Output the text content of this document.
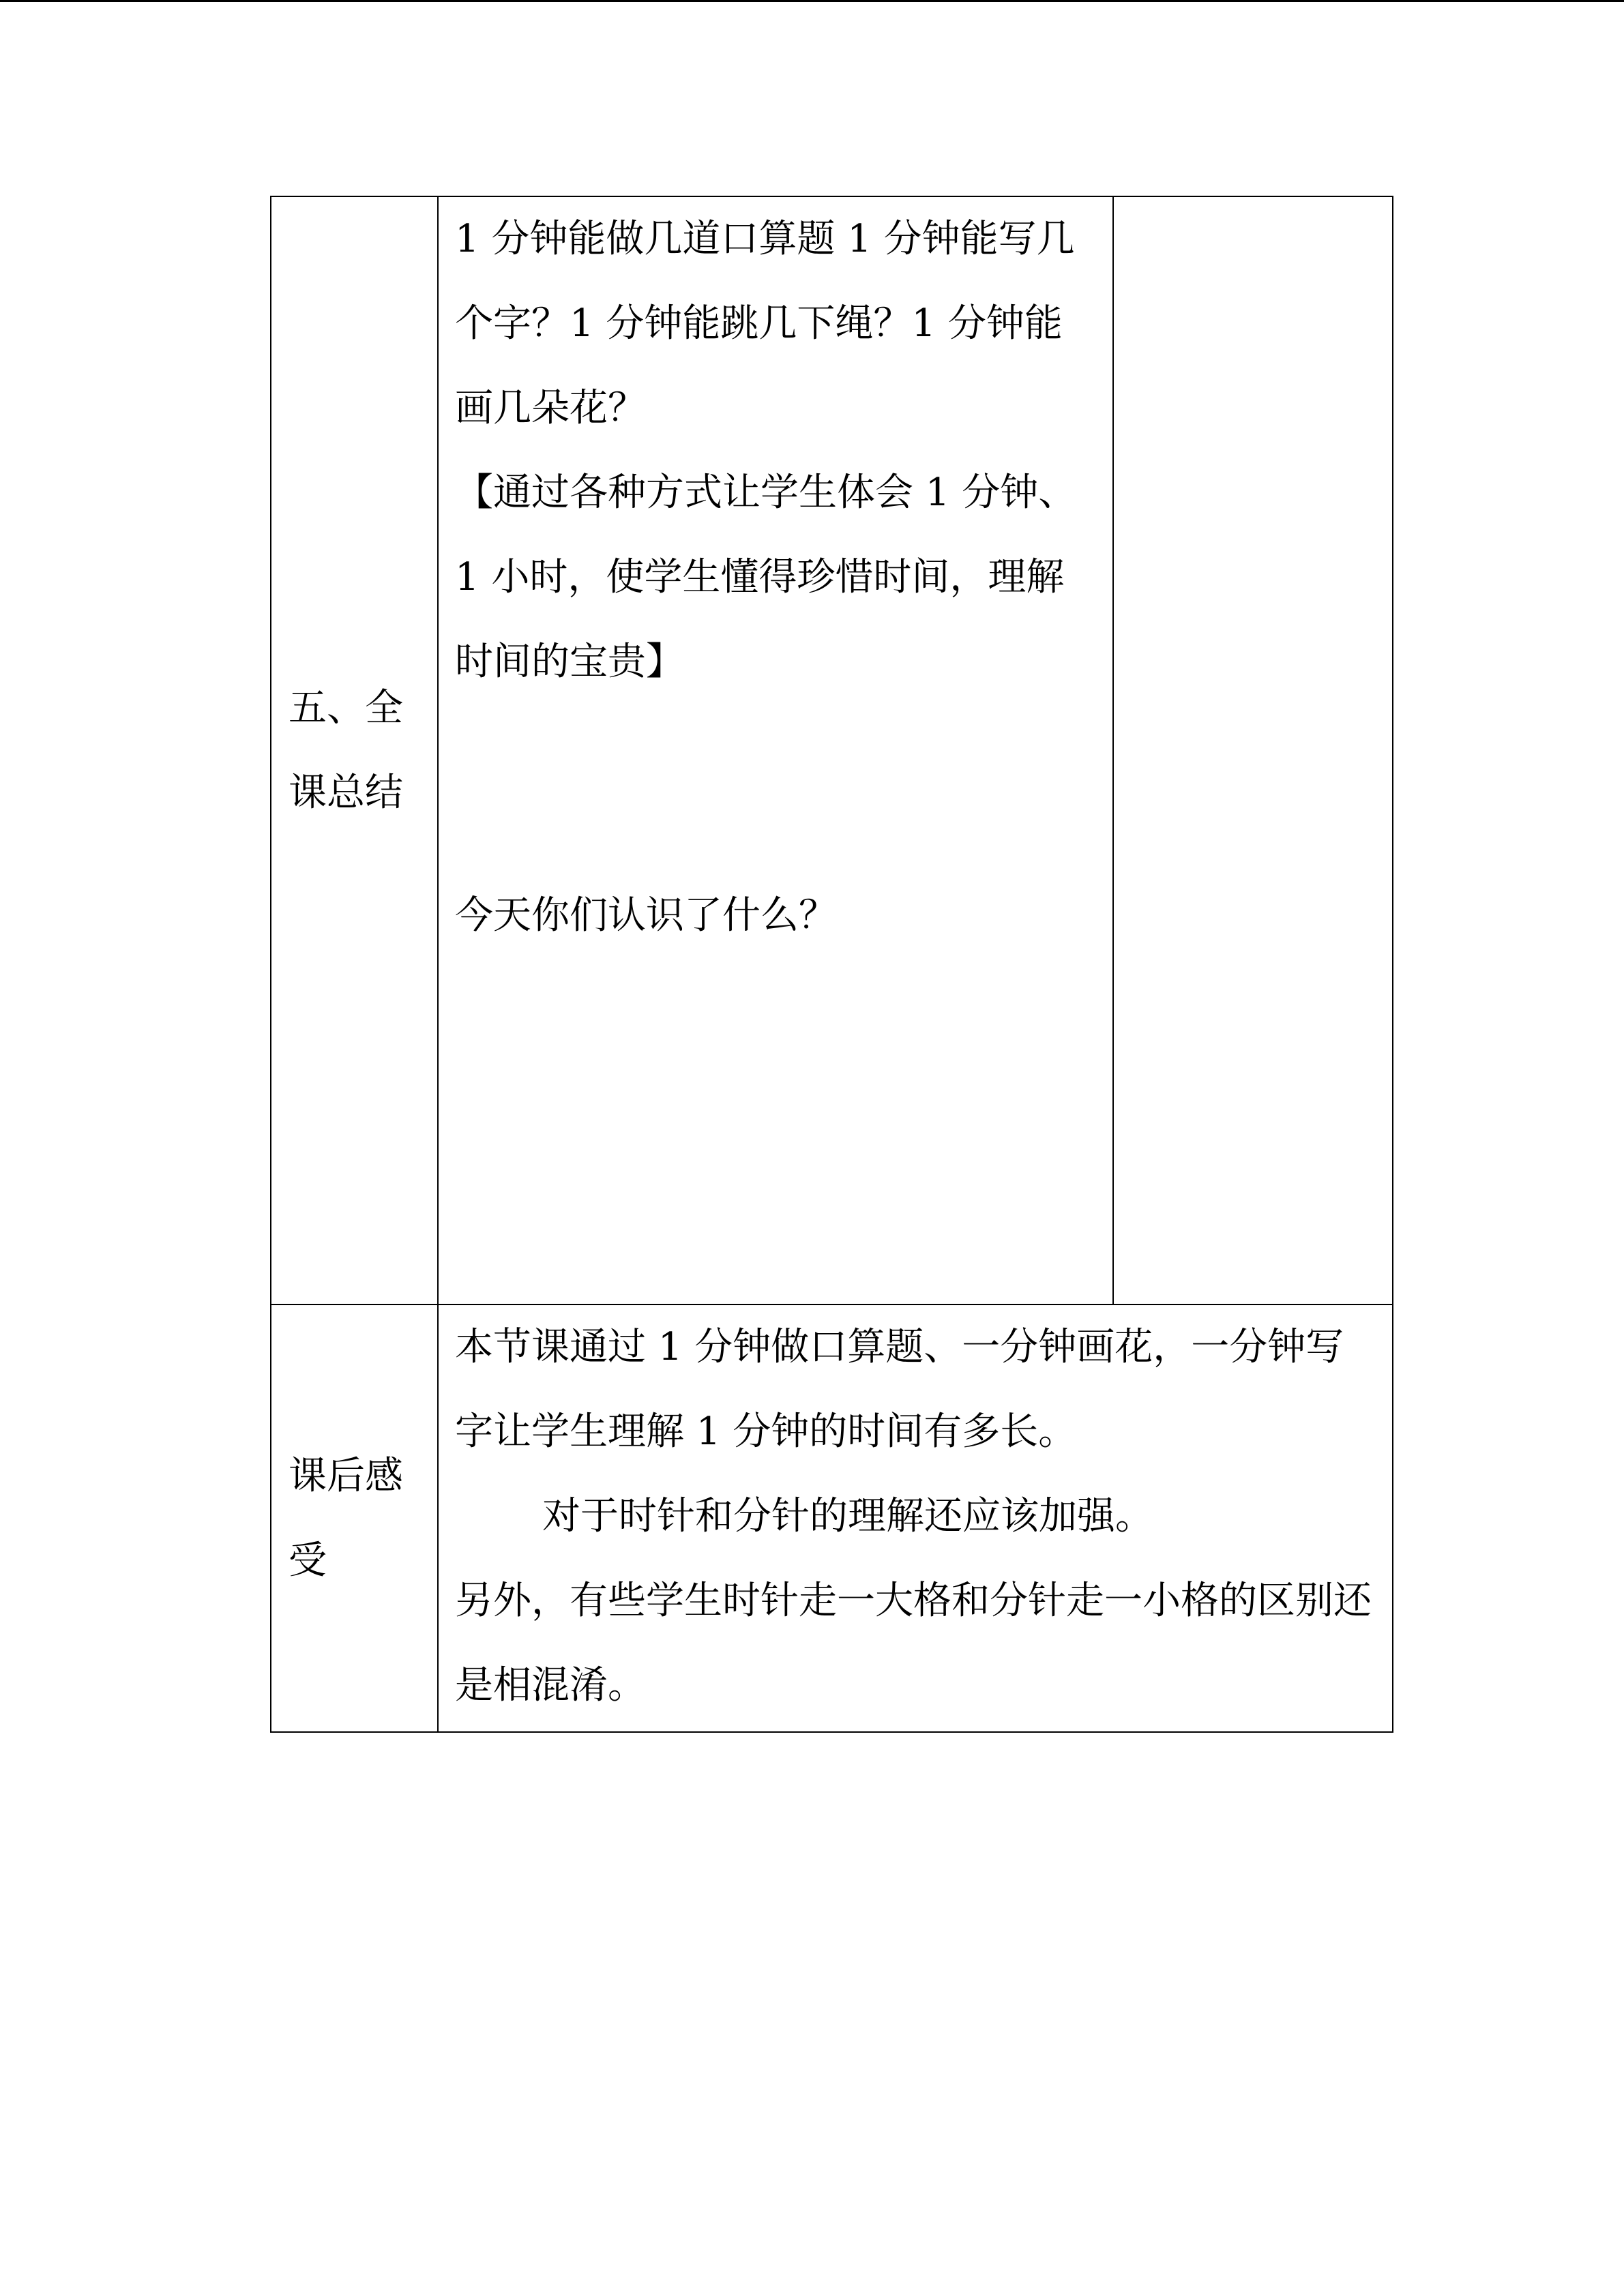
五、全课总结	1 分钟能做几道口算题 1 分钟能写几个字？1 分钟能跳几下绳？1 分钟能画几朵花？
【通过各种方式让学生体会 1 分钟、1 小时，使学生懂得珍惜时间，理解时间的宝贵】
今天你们认识了什么？	

课后感受	本节课通过 1 分钟做口算题、一分钟画花，一分钟写字让学生理解 1 分钟的时间有多长。
对于时针和分针的理解还应该加强。
另外，有些学生时针走一大格和分针走一小格的区别还是相混淆。	
